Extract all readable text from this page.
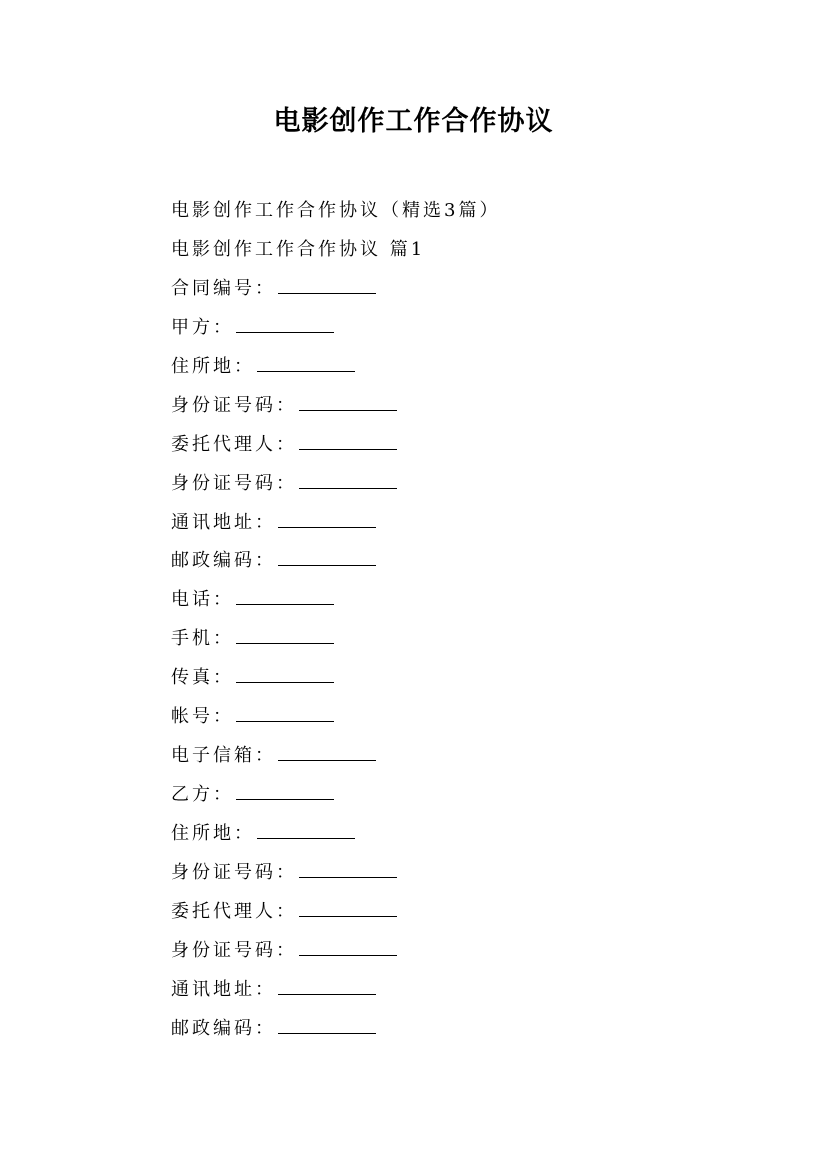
电影创作工作合作协议
电影创作工作合作协议（精选3篇）
电影创作工作合作协议 篇1
合同编号：
甲方：
住所地：
身份证号码：
委托代理人：
身份证号码：
通讯地址：
邮政编码：
电话：
手机：
传真：
帐号：
电子信箱：
乙方：
住所地：
身份证号码：
委托代理人：
身份证号码：
通讯地址：
邮政编码：
